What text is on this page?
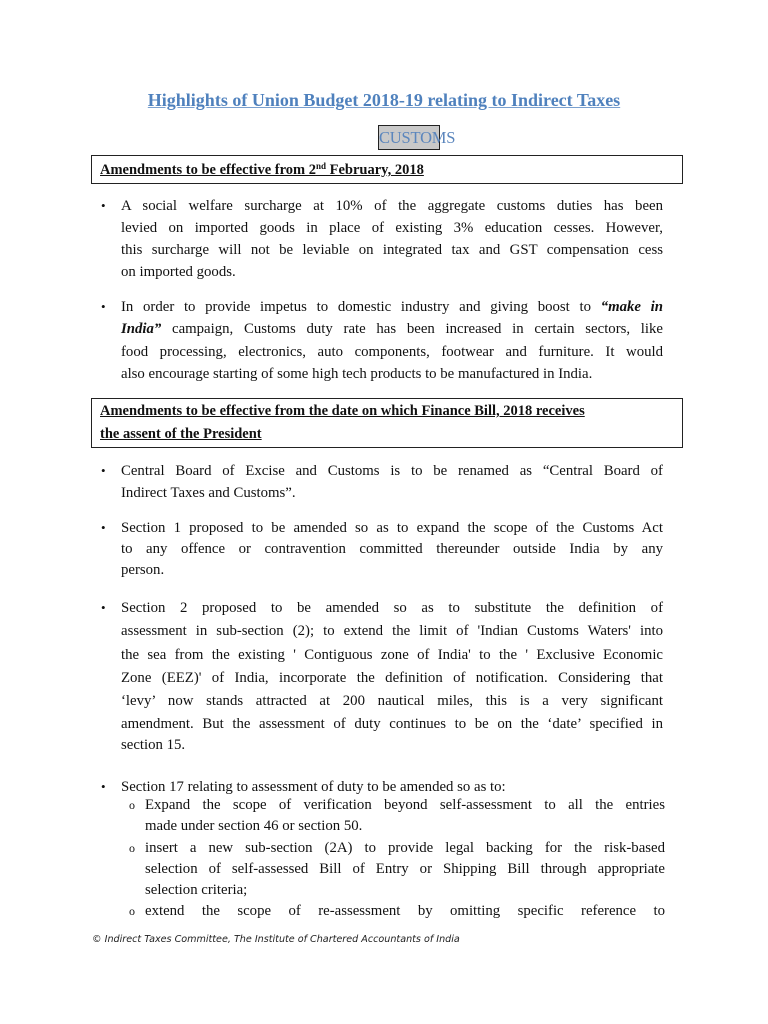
Highlights of Union Budget 2018-19 relating to Indirect Taxes
CUSTOMS
Amendments to be effective from 2nd February, 2018
Amendments to be effective from the date on which Finance Bill, 2018 receives
the assent of the President
• A social welfare surcharge at 10% of the aggregate customs duties has been
levied on imported goods in place of existing 3% education cesses. However,
this surcharge will not be leviable on integrated tax and GST compensation cess
on imported goods.
• In order to provide impetus to domestic industry and giving boost to “make in
India” campaign, Customs duty rate has been increased in certain sectors, like
food processing, electronics, auto components, footwear and furniture. It would
also encourage starting of some high tech products to be manufactured in India.
• Central Board of Excise and Customs is to be renamed as “Central Board of
Indirect Taxes and Customs”.
• Section 1 proposed to be amended so as to expand the scope of the Customs Act
to any offence or contravention committed thereunder outside India by any
person.
• Section 2 proposed to be amended so as to substitute the definition of
assessment in sub-section (2); to extend the limit of 'Indian Customs Waters' into
the sea from the existing ' Contiguous zone of India' to the ' Exclusive Economic
Zone (EEZ)' of India, incorporate the definition of notification. Considering that
‘levy’ now stands attracted at 200 nautical miles, this is a very significant
amendment. But the assessment of duty continues to be on the ‘date’ specified in
section 15.
• Section 17 relating to assessment of duty to be amended so as to:
o Expand the scope of verification beyond self-assessment to all the entries
made under section 46 or section 50.
o insert a new sub-section (2A) to provide legal backing for the risk-based
selection of self-assessed Bill of Entry or Shipping Bill through appropriate
selection criteria;
o extend the scope of re-assessment by omitting specific reference to
© Indirect Taxes Committee, The Institute of Chartered Accountants of India
